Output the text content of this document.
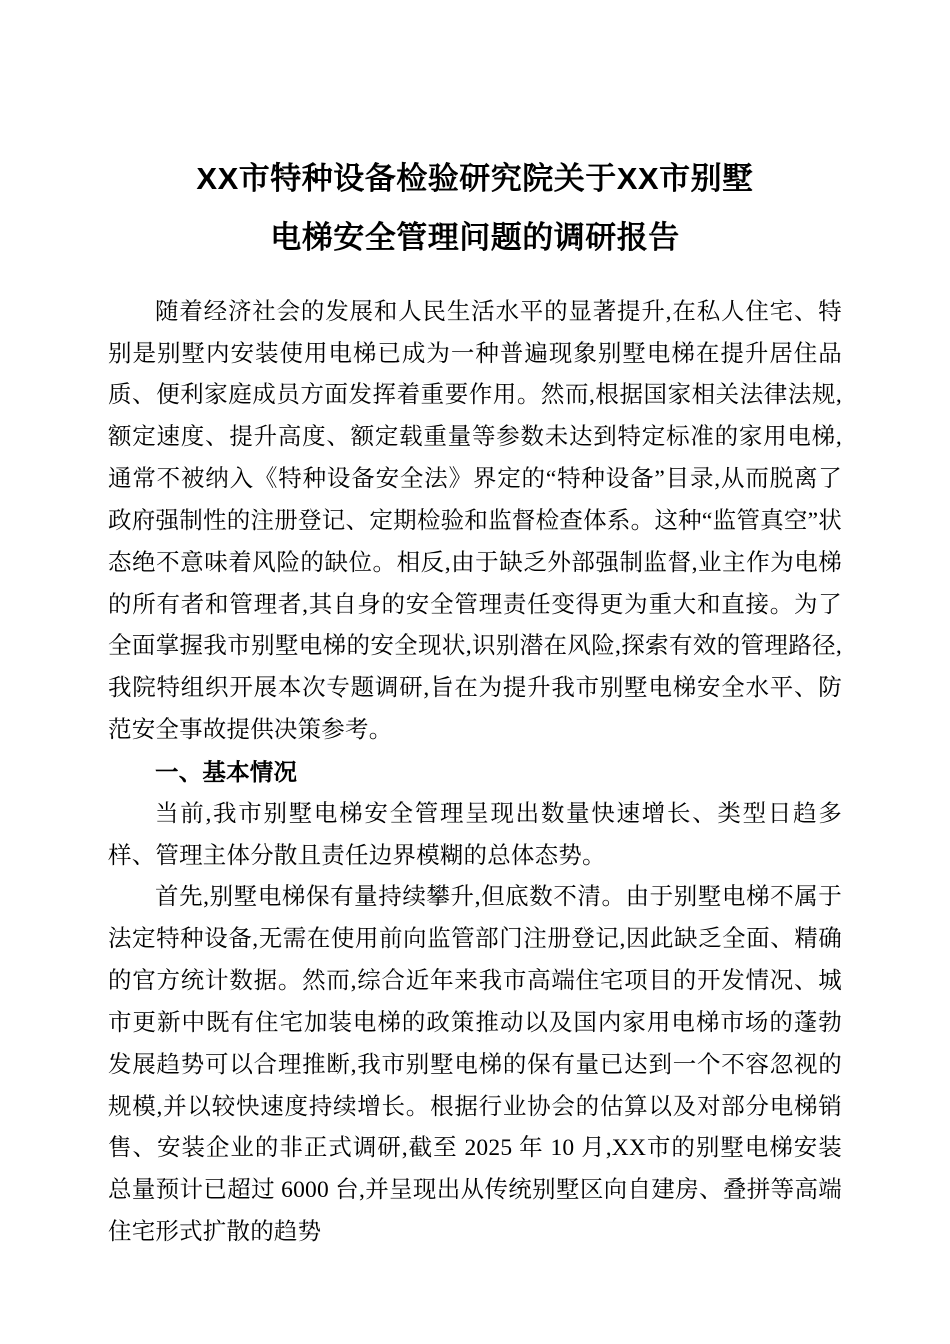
XX市特种设备检验研究院关于XX市别墅
电梯安全管理问题的调研报告

随着经济社会的发展和人民生活水平的显著提升,在私人住宅、特别是别墅内安装使用电梯已成为一种普遍现象别墅电梯在提升居住品质、便利家庭成员方面发挥着重要作用。然而,根据国家相关法律法规,额定速度、提升高度、额定载重量等参数未达到特定标准的家用电梯,通常不被纳入《特种设备安全法》界定的“特种设备”目录,从而脱离了政府强制性的注册登记、定期检验和监督检查体系。这种“监管真空”状态绝不意味着风险的缺位。相反,由于缺乏外部强制监督,业主作为电梯的所有者和管理者,其自身的安全管理责任变得更为重大和直接。为了全面掌握我市别墅电梯的安全现状,识别潜在风险,探索有效的管理路径,我院特组织开展本次专题调研,旨在为提升我市别墅电梯安全水平、防范安全事故提供决策参考。

一、基本情况

当前,我市别墅电梯安全管理呈现出数量快速增长、类型日趋多样、管理主体分散且责任边界模糊的总体态势。

首先,别墅电梯保有量持续攀升,但底数不清。由于别墅电梯不属于法定特种设备,无需在使用前向监管部门注册登记,因此缺乏全面、精确的官方统计数据。然而,综合近年来我市高端住宅项目的开发情况、城市更新中既有住宅加装电梯的政策推动以及国内家用电梯市场的蓬勃发展趋势可以合理推断,我市别墅电梯的保有量已达到一个不容忽视的规模,并以较快速度持续增长。根据行业协会的估算以及对部分电梯销售、安装企业的非正式调研,截至 2025 年 10 月,XX市的别墅电梯安装总量预计已超过 6000 台,并呈现出从传统别墅区向自建房、叠拼等高端住宅形式扩散的趋势
